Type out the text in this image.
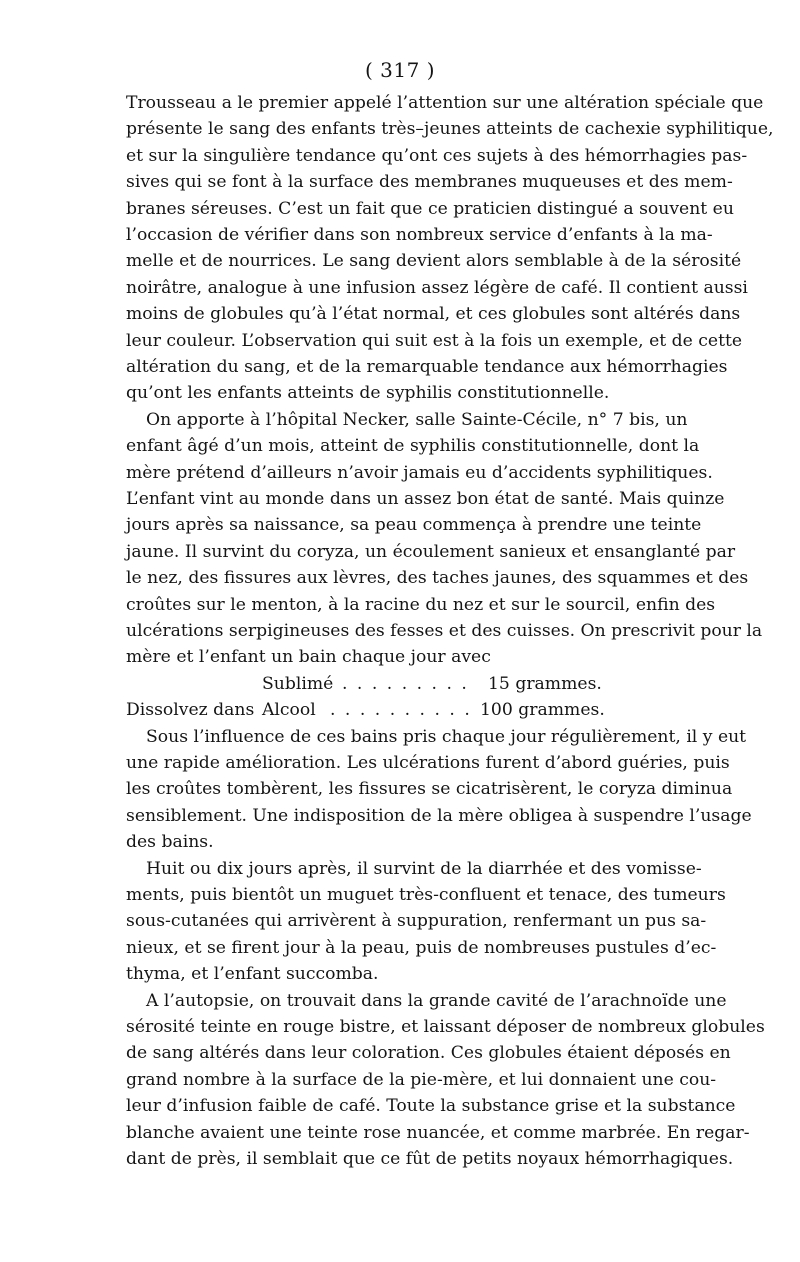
( 317 )
Trousseau a le premier appelé l’attention sur une altération spéciale que
présente le sang des enfants très–jeunes atteints de cachexie syphilitique,
et sur la singulière tendance qu’ont ces sujets à des hémorrhagies pas-
sives qui se font à la surface des membranes muqueuses et des mem-
branes séreuses. C’est un fait que ce praticien distingué a souvent eu
l’occasion de vérifier dans son nombreux service d’enfants à la ma-
melle et de nourrices. Le sang devient alors semblable à de la sérosité
noirâtre, analogue à une infusion assez légère de café. Il contient aussi
moins de globules qu’à l’état normal, et ces globules sont altérés dans
leur couleur. L’observation qui suit est à la fois un exemple, et de cette
altération du sang, et de la remarquable tendance aux hémorrhagies
qu’ont les enfants atteints de syphilis constitutionnelle.
On apporte à l’hôpital Necker, salle Sainte-Cécile, n° 7 bis, un
enfant âgé d’un mois, atteint de syphilis constitutionnelle, dont la
mère prétend d’ailleurs n’avoir jamais eu d’accidents syphilitiques.
L’enfant vint au monde dans un assez bon état de santé. Mais quinze
jours après sa naissance, sa peau commença à prendre une teinte
jaune. Il survint du coryza, un écoulement sanieux et ensanglanté par
le nez, des fissures aux lèvres, des taches jaunes, des squammes et des
croûtes sur le menton, à la racine du nez et sur le sourcil, enfin des
ulcérations serpigineuses des fesses et des cuisses. On prescrivit pour la
mère et l’enfant un bain chaque jour avec
Sublimé . . . . . . . . . 15 grammes.
Dissolvez dans Alcool . . . . . . . . . . 100 grammes.
Sous l’influence de ces bains pris chaque jour régulièrement, il y eut
une rapide amélioration. Les ulcérations furent d’abord guéries, puis
les croûtes tombèrent, les fissures se cicatrisèrent, le coryza diminua
sensiblement. Une indisposition de la mère obligea à suspendre l’usage
des bains.
Huit ou dix jours après, il survint de la diarrhée et des vomisse-
ments, puis bientôt un muguet très-confluent et tenace, des tumeurs
sous-cutanées qui arrivèrent à suppuration, renfermant un pus sa-
nieux, et se firent jour à la peau, puis de nombreuses pustules d’ec-
thyma, et l’enfant succomba.
A l’autopsie, on trouvait dans la grande cavité de l’arachnoïde une
sérosité teinte en rouge bistre, et laissant déposer de nombreux globules
de sang altérés dans leur coloration. Ces globules étaient déposés en
grand nombre à la surface de la pie-mère, et lui donnaient une cou-
leur d’infusion faible de café. Toute la substance grise et la substance
blanche avaient une teinte rose nuancée, et comme marbrée. En regar-
dant de près, il semblait que ce fût de petits noyaux hémorrhagiques.
